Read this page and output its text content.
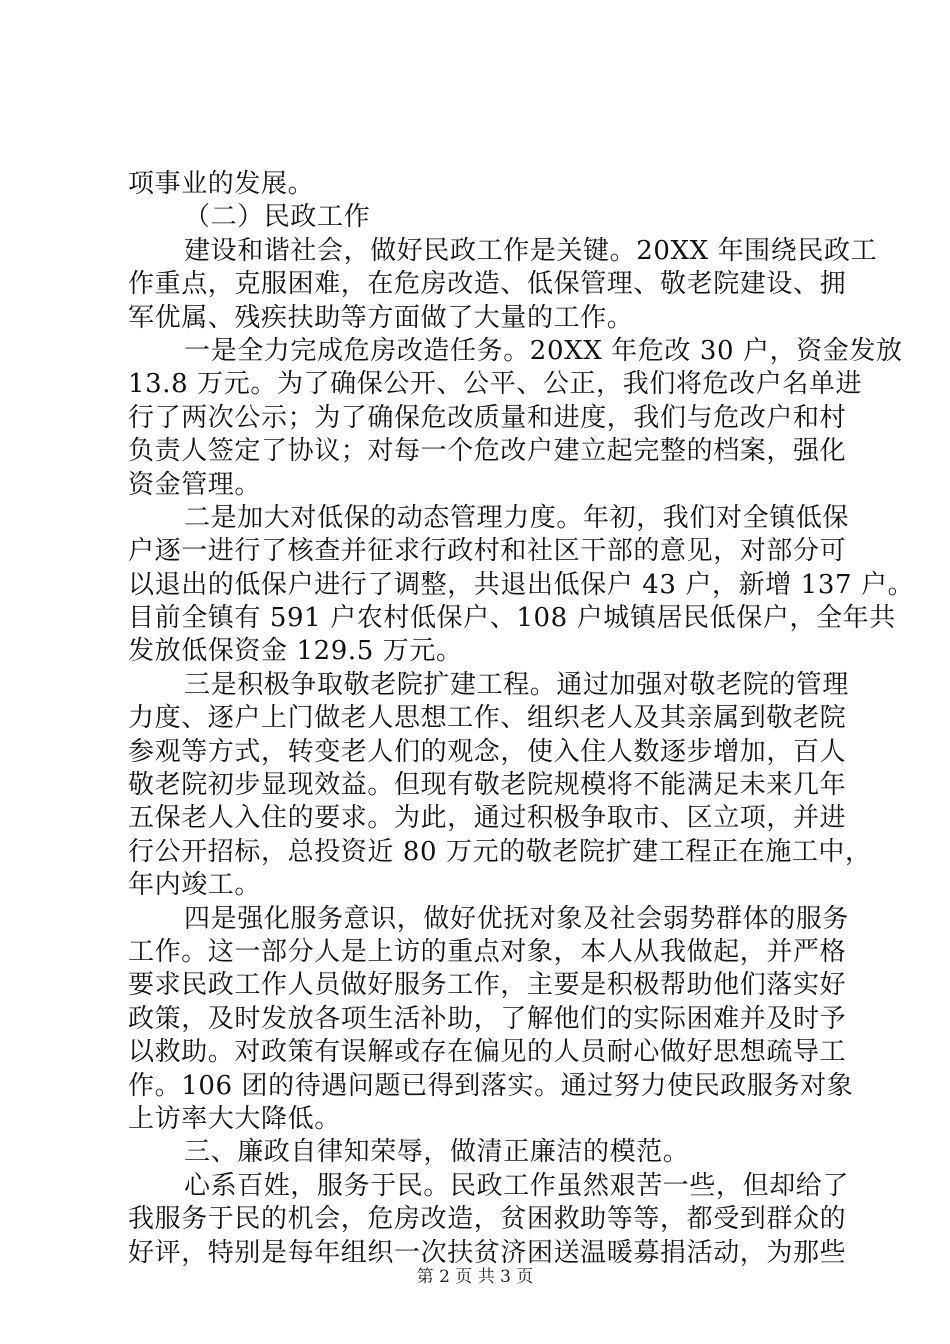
项事业的发展。
（二）民政工作
建设和谐社会，做好民政工作是关键。20XX 年围绕民政工
作重点，克服困难，在危房改造、低保管理、敬老院建设、拥
军优属、残疾扶助等方面做了大量的工作。
一是全力完成危房改造任务。20XX 年危改 30 户，资金发放
13.8 万元。为了确保公开、公平、公正，我们将危改户名单进
行了两次公示；为了确保危改质量和进度，我们与危改户和村
负责人签定了协议；对每一个危改户建立起完整的档案，强化
资金管理。
二是加大对低保的动态管理力度。年初，我们对全镇低保
户逐一进行了核查并征求行政村和社区干部的意见，对部分可
以退出的低保户进行了调整，共退出低保户 43 户，新增 137 户。
目前全镇有 591 户农村低保户、108 户城镇居民低保户，全年共
发放低保资金 129.5 万元。
三是积极争取敬老院扩建工程。通过加强对敬老院的管理
力度、逐户上门做老人思想工作、组织老人及其亲属到敬老院
参观等方式，转变老人们的观念，使入住人数逐步增加，百人
敬老院初步显现效益。但现有敬老院规模将不能满足未来几年
五保老人入住的要求。为此，通过积极争取市、区立项，并进
行公开招标，总投资近 80 万元的敬老院扩建工程正在施工中，
年内竣工。
四是强化服务意识，做好优抚对象及社会弱势群体的服务
工作。这一部分人是上访的重点对象，本人从我做起，并严格
要求民政工作人员做好服务工作，主要是积极帮助他们落实好
政策，及时发放各项生活补助，了解他们的实际困难并及时予
以救助。对政策有误解或存在偏见的人员耐心做好思想疏导工
作。106 团的待遇问题已得到落实。通过努力使民政服务对象
上访率大大降低。
三、廉政自律知荣辱，做清正廉洁的模范。
心系百姓，服务于民。民政工作虽然艰苦一些，但却给了
我服务于民的机会，危房改造，贫困救助等等，都受到群众的
好评，特别是每年组织一次扶贫济困送温暖募捐活动，为那些
第 2 页 共 3 页
